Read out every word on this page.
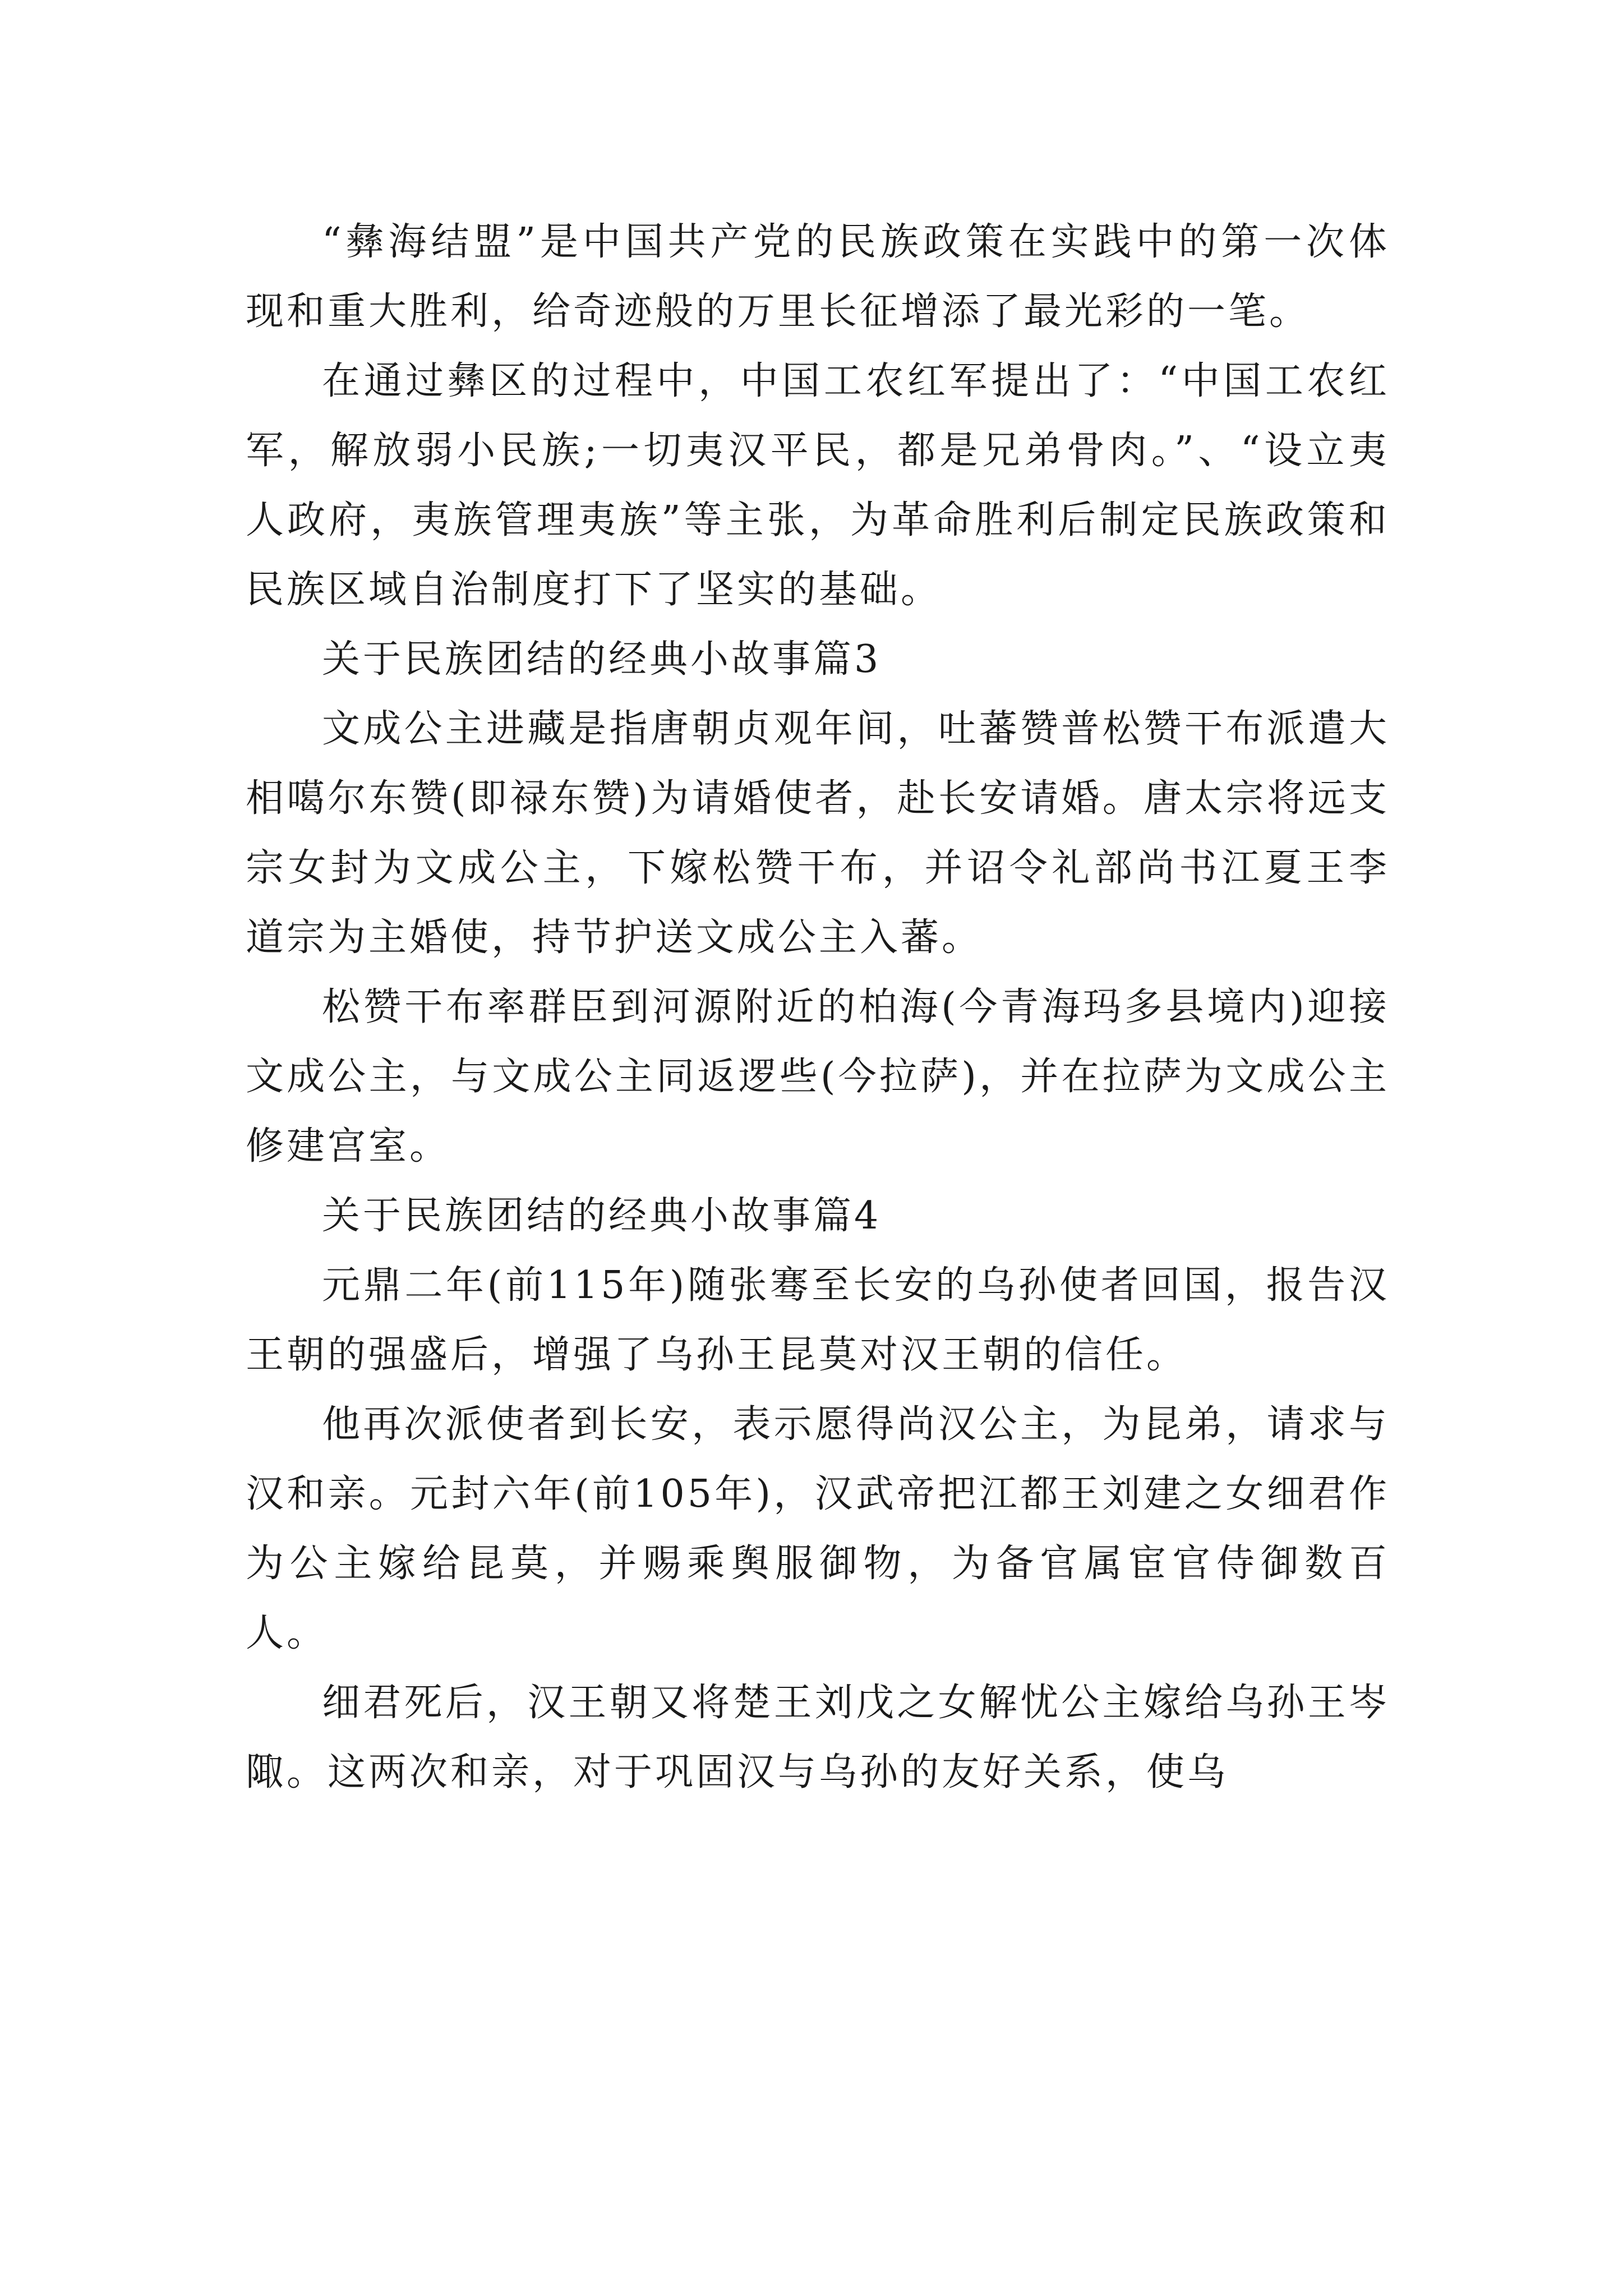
“彝海结盟”是中国共产党的民族政策在实践中的第一次体现和重大胜利，给奇迹般的万里长征增添了最光彩的一笔。

在通过彝区的过程中，中国工农红军提出了：“中国工农红军，解放弱小民族;一切夷汉平民，都是兄弟骨肉。”、“设立夷人政府，夷族管理夷族”等主张，为革命胜利后制定民族政策和民族区域自治制度打下了坚实的基础。

关于民族团结的经典小故事篇3

文成公主进藏是指唐朝贞观年间，吐蕃赞普松赞干布派遣大相噶尔东赞(即禄东赞)为请婚使者，赴长安请婚。唐太宗将远支宗女封为文成公主，下嫁松赞干布，并诏令礼部尚书江夏王李道宗为主婚使，持节护送文成公主入蕃。

松赞干布率群臣到河源附近的柏海(今青海玛多县境内)迎接文成公主，与文成公主同返逻些(今拉萨)，并在拉萨为文成公主修建宫室。

关于民族团结的经典小故事篇4

元鼎二年(前115年)随张骞至长安的乌孙使者回国，报告汉王朝的强盛后，增强了乌孙王昆莫对汉王朝的信任。

他再次派使者到长安，表示愿得尚汉公主，为昆弟，请求与汉和亲。元封六年(前105年)，汉武帝把江都王刘建之女细君作为公主嫁给昆莫，并赐乘舆服御物，为备官属宦官侍御数百人。

细君死后，汉王朝又将楚王刘戊之女解忧公主嫁给乌孙王岑陬。这两次和亲，对于巩固汉与乌孙的友好关系，使乌
